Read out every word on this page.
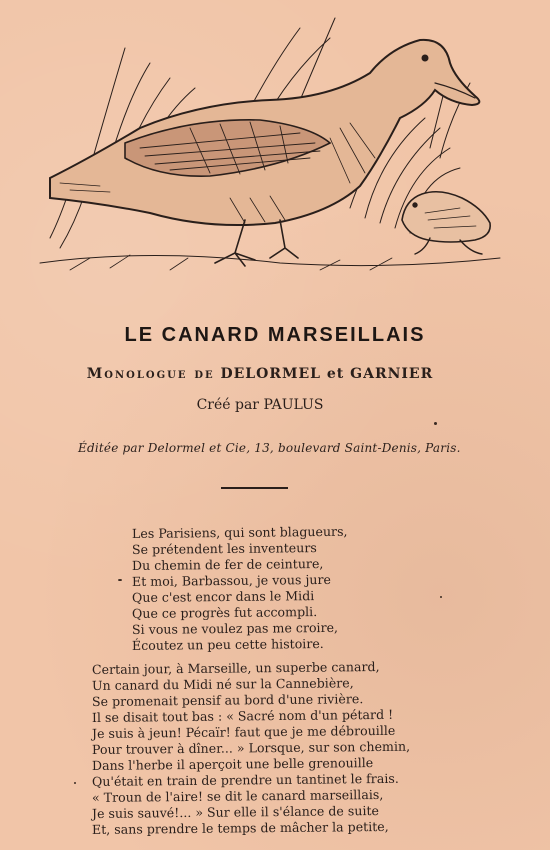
LE CANARD MARSEILLAIS
Monologue de DELORMEL et GARNIER
Créé par PAULUS
Éditée par Delormel et Cie, 13, boulevard Saint-Denis, Paris.
Les Parisiens, qui sont blagueurs,
Se prétendent les inventeurs
Du chemin de fer de ceinture,
Et moi, Barbassou, je vous jure
Que c'est encor dans le Midi
Que ce progrès fut accompli.
Si vous ne voulez pas me croire,
Écoutez un peu cette histoire.
Certain jour, à Marseille, un superbe canard,
Un canard du Midi né sur la Cannebière,
Se promenait pensif au bord d'une rivière.
Il se disait tout bas : « Sacré nom d'un pétard !
Je suis à jeun! Pécaïr! faut que je me débrouille
Pour trouver à dîner... » Lorsque, sur son chemin,
Dans l'herbe il aperçoit une belle grenouille
Qu'était en train de prendre un tantinet le frais.
« Troun de l'aire! se dit le canard marseillais,
Je suis sauvé!... » Sur elle il s'élance de suite
Et, sans prendre le temps de mâcher la petite,
